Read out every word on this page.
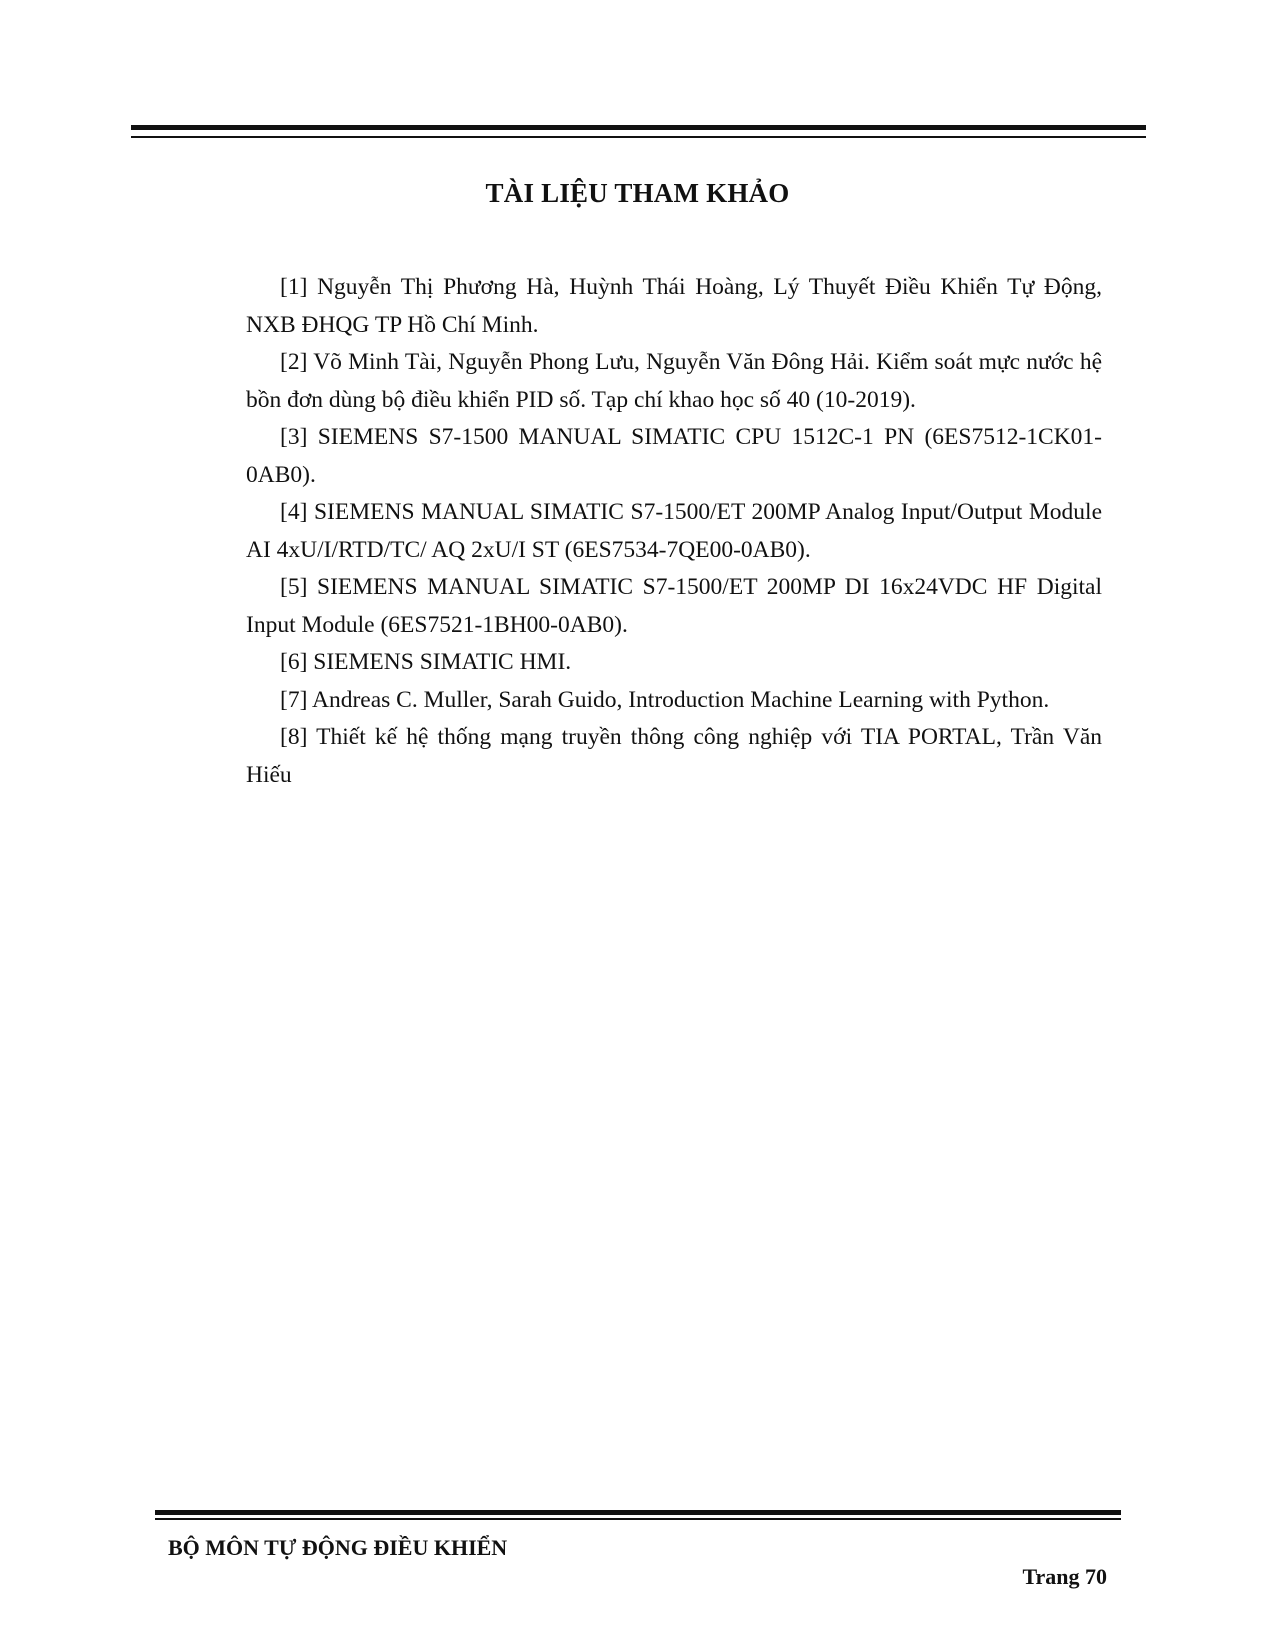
TÀI LIỆU THAM KHẢO

[1] Nguyễn Thị Phương Hà, Huỳnh Thái Hoàng, Lý Thuyết Điều Khiển Tự Động, NXB ĐHQG TP Hồ Chí Minh.

[2] Võ Minh Tài, Nguyễn Phong Lưu, Nguyễn Văn Đông Hải. Kiểm soát mực nước hệ bồn đơn dùng bộ điều khiển PID số. Tạp chí khao học số 40 (10-2019).

[3] SIEMENS S7-1500 MANUAL SIMATIC CPU 1512C-1 PN (6ES7512-1CK01-0AB0).

[4] SIEMENS MANUAL SIMATIC S7-1500/ET 200MP Analog Input/Output Module AI 4xU/I/RTD/TC/ AQ 2xU/I ST (6ES7534-7QE00-0AB0).

[5] SIEMENS MANUAL SIMATIC S7-1500/ET 200MP DI 16x24VDC HF Digital Input Module (6ES7521-1BH00-0AB0).

[6] SIEMENS SIMATIC HMI.

[7] Andreas C. Muller, Sarah Guido, Introduction Machine Learning with Python.

[8] Thiết kế hệ thống mạng truyền thông công nghiệp với TIA PORTAL, Trần Văn Hiếu

BỘ MÔN TỰ ĐỘNG ĐIỀU KHIỂN
Trang 70
